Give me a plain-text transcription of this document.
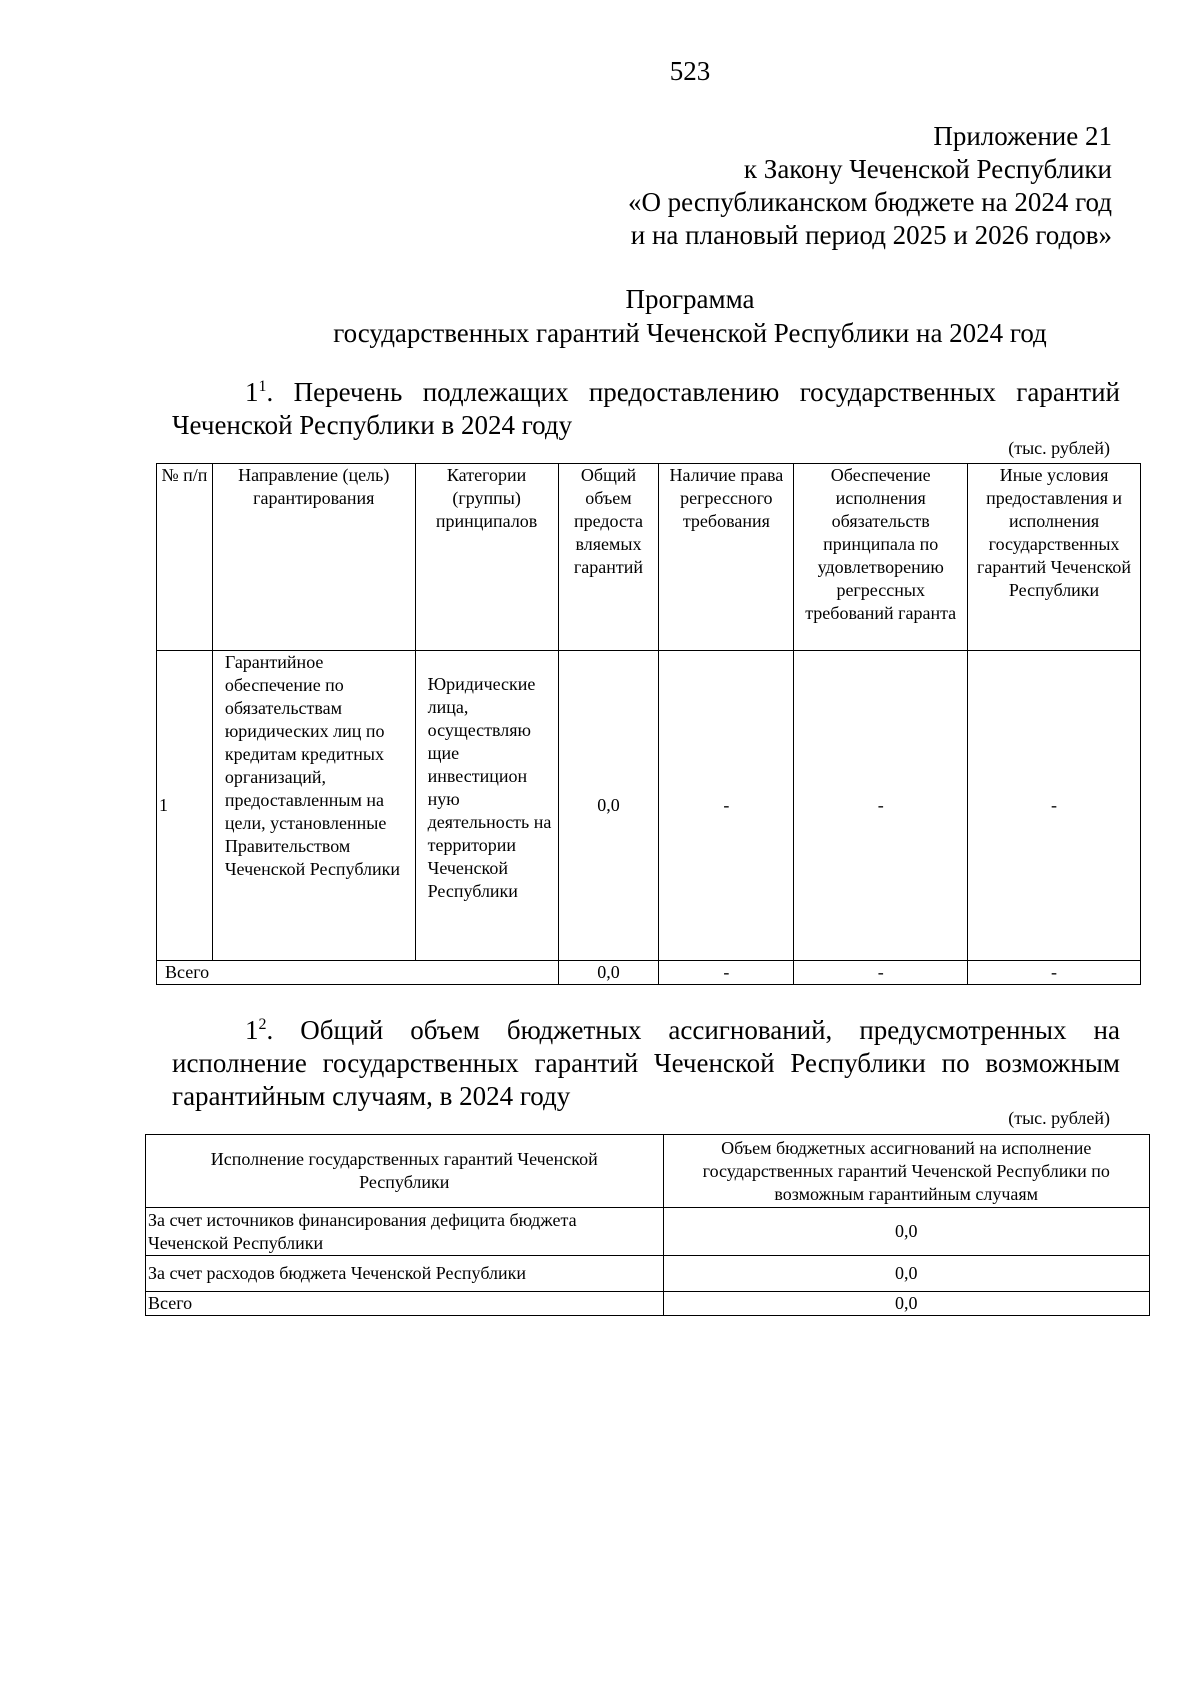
523
Приложение 21
к Закону Чеченской Республики
«О республиканском бюджете на 2024 год
и на плановый период 2025 и 2026 годов»
Программа
государственных гарантий Чеченской Республики на 2024 год

$1^1$. Перечень подлежащих предоставлению государственных гарантий Чеченской Республики в 2024 году

(тыс. рублей)
№ п/п	Направление (цель) гарантирования	Категории (группы) принципалов	Общий объем предоста вляемых гарантий	Наличие права регрессного требования	Обеспечение исполнения обязательств принципала по удовлетворению регрессных требований гаранта	Иные условия предоставления и исполнения государственных гарантий Чеченской Республики
1	Гарантийное обеспечение по обязательствам юридических лиц по кредитам кредитных организаций, предоставленным на цели, установленные Правительством Чеченской Республики	Юридические лица, осуществляю щие инвестицион ную деятельность на территории Чеченской Республики	0,0	-	-	-
Всего			0,0	-	-	-

$1^2$. Общий объем бюджетных ассигнований, предусмотренных на исполнение государственных гарантий Чеченской Республики по возможным гарантийным случаям, в 2024 году

(тыс. рублей)
Исполнение государственных гарантий Чеченской Республики	Объем бюджетных ассигнований на исполнение государственных гарантий Чеченской Республики по возможным гарантийным случаям
За счет источников финансирования дефицита бюджета Чеченской Республики	0,0
За счет расходов бюджета Чеченской Республики	0,0
Всего	0,0
